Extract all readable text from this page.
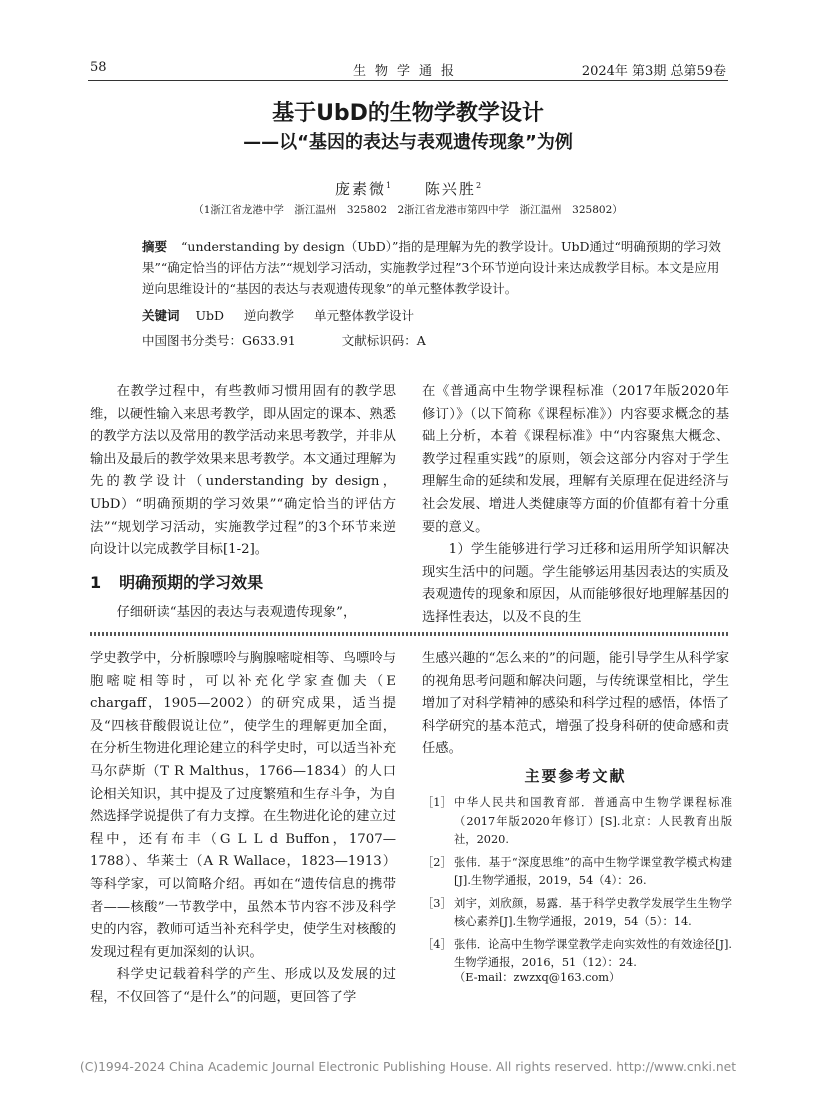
58	生物学通报	2024年 第3期 总第59卷
基于UbD的生物学教学设计
——以“基因的表达与表观遗传现象”为例
庞素微$^1$ 陈兴胜$^2$
（1浙江省龙港中学　浙江温州　325802　2浙江省龙港市第四中学　浙江温州　325802）
摘要 “understanding by design（UbD）”指的是理解为先的教学设计。UbD通过“明确预期的学习效果”“确定恰当的评估方法”“规划学习活动，实施教学过程”3个环节逆向设计来达成教学目标。本文是应用逆向思维设计的“基因的表达与表观遗传现象”的单元整体教学设计。
关键词 UbD 逆向教学 单元整体教学设计
中国图书分类号：G633.91	文献标识码：A

在教学过程中，有些教师习惯用固有的教学思维，以硬性输入来思考教学，即从固定的课本、熟悉的教学方法以及常用的教学活动来思考教学，并非从输出及最后的教学效果来思考教学。本文通过理解为先的教学设计（understanding by design，UbD）“明确预期的学习效果”“确定恰当的评估方法”“规划学习活动，实施教学过程”的3个环节来逆向设计以完成教学目标[1-2]。

1 明确预期的学习效果

仔细研读“基因的表达与表观遗传现象”，

在《普通高中生物学课程标准（2017年版2020年修订）》（以下简称《课程标准》）内容要求概念的基础上分析，本着《课程标准》中“内容聚焦大概念、教学过程重实践”的原则，领会这部分内容对于学生理解生命的延续和发展，理解有关原理在促进经济与社会发展、增进人类健康等方面的价值都有着十分重要的意义。

1）学生能够进行学习迁移和运用所学知识解决现实生活中的问题。学生能够运用基因表达的实质及表观遗传的现象和原因，从而能够很好地理解基因的选择性表达，以及不良的生

学史教学中，分析腺嘌呤与胸腺嘧啶相等、鸟嘌呤与胞嘧啶相等时，可以补充化学家查伽夫（E chargaff，1905—2002）的研究成果，适当提及“四核苷酸假说让位”，使学生的理解更加全面，在分析生物进化理论建立的科学史时，可以适当补充马尔萨斯（T R Malthus，1766—1834）的人口论相关知识，其中提及了过度繁殖和生存斗争，为自然选择学说提供了有力支撑。在生物进化论的建立过程中，还有布丰（G L L d Buffon，1707—1788）、华莱士（A R Wallace，1823—1913）等科学家，可以简略介绍。再如在“遗传信息的携带者——核酸”一节教学中，虽然本节内容不涉及科学史的内容，教师可适当补充科学史，使学生对核酸的发现过程有更加深刻的认识。

科学史记载着科学的产生、形成以及发展的过程，不仅回答了“是什么”的问题，更回答了学

生感兴趣的“怎么来的”的问题，能引导学生从科学家的视角思考问题和解决问题，与传统课堂相比，学生增加了对科学精神的感染和科学过程的感悟，体悟了科学研究的基本范式，增强了投身科研的使命感和责任感。

主要参考文献
［1］ 中华人民共和国教育部．普通高中生物学课程标准（2017年版2020年修订）[S].北京：人民教育出版社，2020.
［2］ 张伟．基于“深度思维”的高中生物学课堂教学模式构建[J].生物学通报，2019，54（4）：26.
［3］ 刘宇，刘欣颜，易露．基于科学史教学发展学生生物学核心素养[J].生物学通报，2019，54（5）：14.
［4］ 张伟．论高中生物学课堂教学走向实效性的有效途径[J].生物学通报，2016，51（12）：24.
（E-mail：zwzxq@163.com）
(C)1994-2024 China Academic Journal Electronic Publishing House. All rights reserved. http://www.cnki.net
